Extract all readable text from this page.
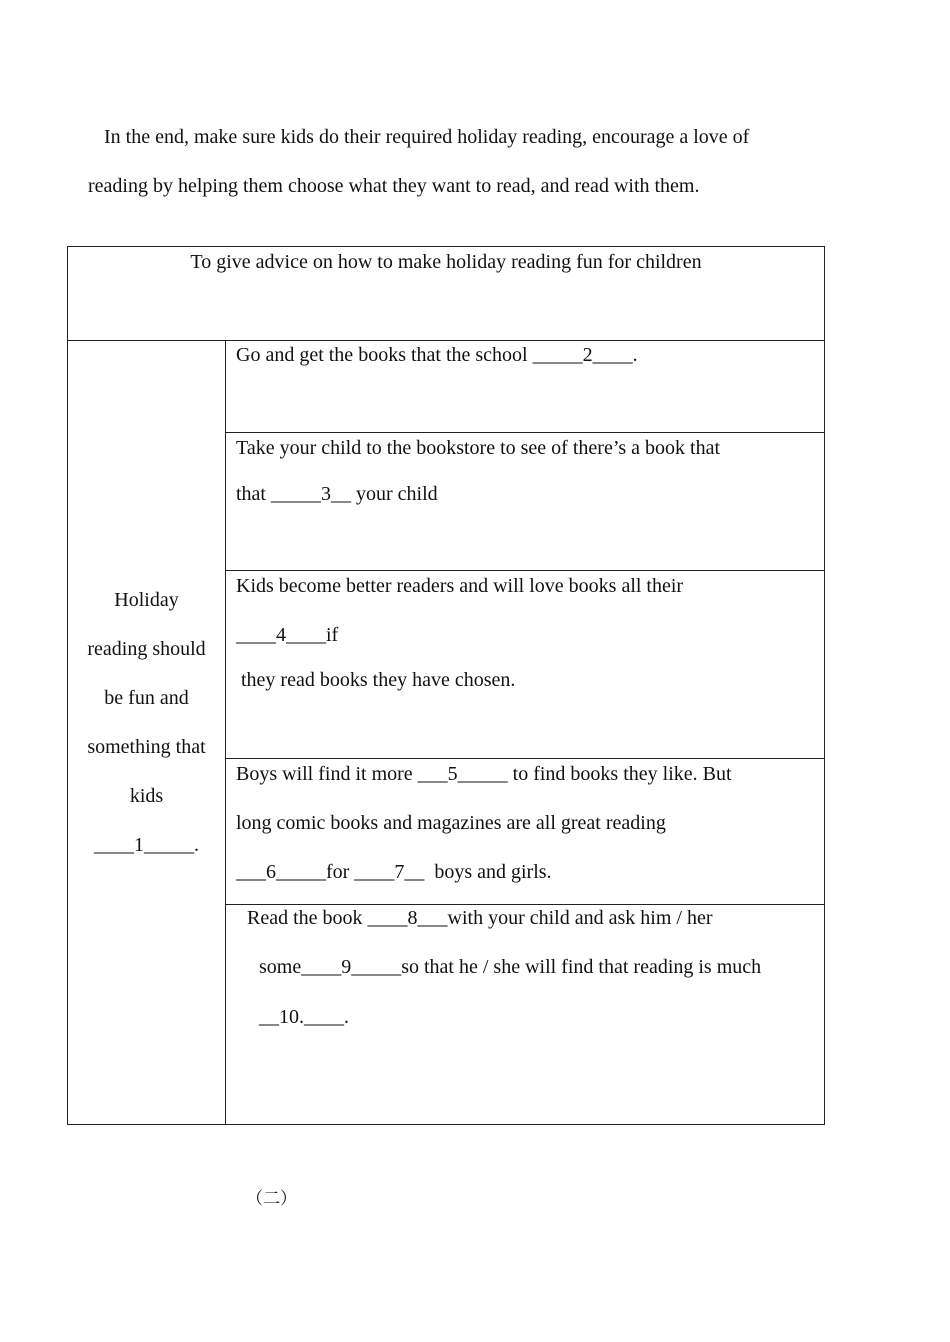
In the end, make sure kids do their required holiday reading, encourage a love of
reading by helping them choose what they want to read, and read with them.
To give advice on how to make holiday reading fun for children
Holiday
reading should
be fun and
something that
kids
____1_____.
Go and get the books that the school _____2____.
Take your child to the bookstore to see of there’s a book that
that _____3__ your child
Kids become better readers and will love books all their
____4____if
they read books they have chosen.
Boys will find it more ___5_____ to find books they like. But
long comic books and magazines are all great reading
___6_____for ____7__  boys and girls.
Read the book ____8___with your child and ask him / her
some____9_____so that he / she will find that reading is much
__10.____.
（二）
